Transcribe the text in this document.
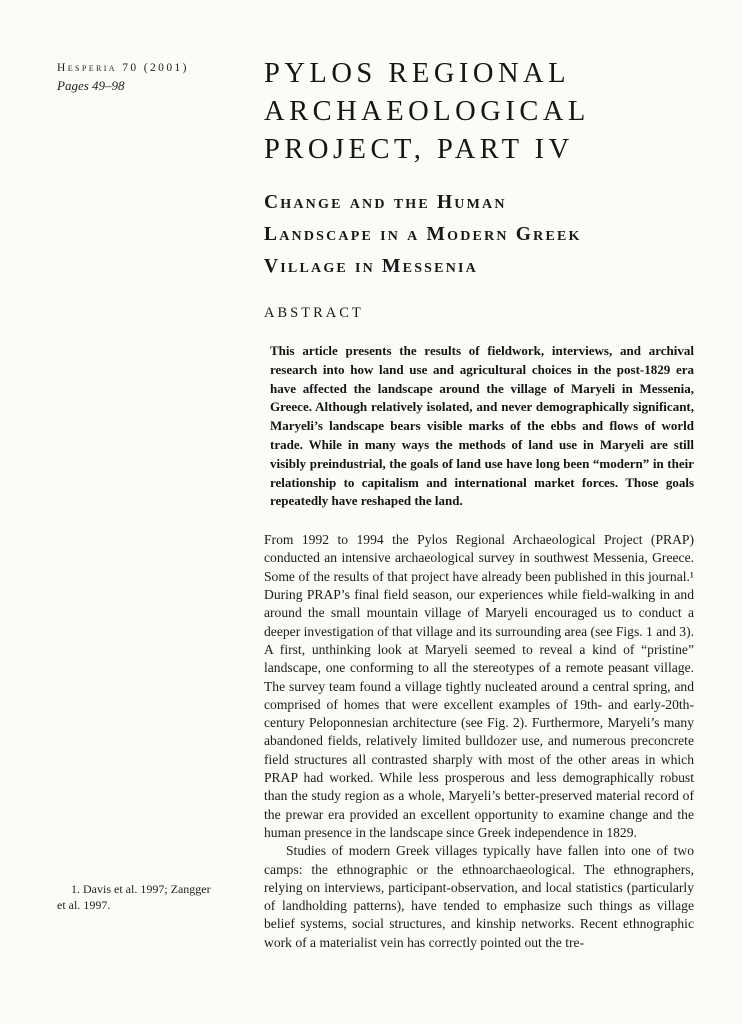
Hesperia 70 (2001)
Pages 49–98	PYLOS REGIONAL
ARCHAEOLOGICAL
PROJECT, PART IV
Change and the Human
Landscape in a Modern Greek
Village in Messenia
ABSTRACT

This article presents the results of fieldwork, interviews, and archival research into how land use and agricultural choices in the post-1829 era have affected the landscape around the village of Maryeli in Messenia, Greece. Although relatively isolated, and never demographically significant, Maryeli’s landscape bears visible marks of the ebbs and flows of world trade. While in many ways the methods of land use in Maryeli are still visibly preindustrial, the goals of land use have long been “modern” in their relationship to capitalism and international market forces. Those goals repeatedly have reshaped the land.

From 1992 to 1994 the Pylos Regional Archaeological Project (PRAP) conducted an intensive archaeological survey in southwest Messenia, Greece. Some of the results of that project have already been published in this journal.¹ During PRAP’s final field season, our experiences while field-walking in and around the small mountain village of Maryeli encouraged us to conduct a deeper investigation of that village and its surrounding area (see Figs. 1 and 3). A first, unthinking look at Maryeli seemed to reveal a kind of “pristine” landscape, one conforming to all the stereotypes of a remote peasant village. The survey team found a village tightly nucleated around a central spring, and comprised of homes that were excellent examples of 19th- and early-20th-century Peloponnesian architecture (see Fig. 2). Furthermore, Maryeli’s many abandoned fields, relatively limited bulldozer use, and numerous preconcrete field structures all contrasted sharply with most of the other areas in which PRAP had worked. While less prosperous and less demographically robust than the study region as a whole, Maryeli’s better-preserved material record of the prewar era provided an excellent opportunity to examine change and the human presence in the landscape since Greek independence in 1829.

Studies of modern Greek villages typically have fallen into one of two camps: the ethnographic or the ethnoarchaeological. The ethnographers, relying on interviews, participant-observation, and local statistics (particularly of landholding patterns), have tended to emphasize such things as village belief systems, social structures, and kinship networks. Recent ethnographic work of a materialist vein has correctly pointed out the tre-

1. Davis et al. 1997; Zangger
et al. 1997.
